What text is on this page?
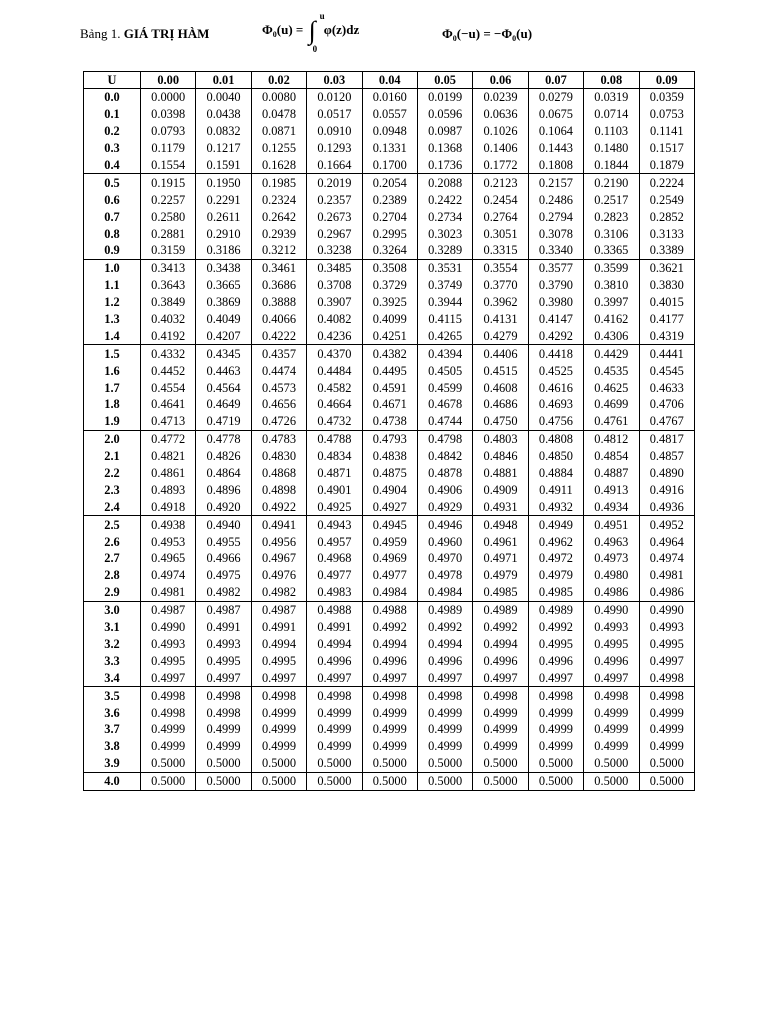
Bảng 1. GIÁ TRỊ HÀM	$\Phi_0(u)$ = ∫ u
0
φ(z)dz	$\Phi_0(-u) = -\Phi_0(u)$
U	0.00	0.01	0.02	0.03	0.04	0.05	0.06	0.07	0.08	0.09
0.0	0.0000	0.0040	0.0080	0.0120	0.0160	0.0199	0.0239	0.0279	0.0319	0.0359
0.1	0.0398	0.0438	0.0478	0.0517	0.0557	0.0596	0.0636	0.0675	0.0714	0.0753
0.2	0.0793	0.0832	0.0871	0.0910	0.0948	0.0987	0.1026	0.1064	0.1103	0.1141
0.3	0.1179	0.1217	0.1255	0.1293	0.1331	0.1368	0.1406	0.1443	0.1480	0.1517
0.4	0.1554	0.1591	0.1628	0.1664	0.1700	0.1736	0.1772	0.1808	0.1844	0.1879
0.5	0.1915	0.1950	0.1985	0.2019	0.2054	0.2088	0.2123	0.2157	0.2190	0.2224
0.6	0.2257	0.2291	0.2324	0.2357	0.2389	0.2422	0.2454	0.2486	0.2517	0.2549
0.7	0.2580	0.2611	0.2642	0.2673	0.2704	0.2734	0.2764	0.2794	0.2823	0.2852
0.8	0.2881	0.2910	0.2939	0.2967	0.2995	0.3023	0.3051	0.3078	0.3106	0.3133
0.9	0.3159	0.3186	0.3212	0.3238	0.3264	0.3289	0.3315	0.3340	0.3365	0.3389
1.0	0.3413	0.3438	0.3461	0.3485	0.3508	0.3531	0.3554	0.3577	0.3599	0.3621
1.1	0.3643	0.3665	0.3686	0.3708	0.3729	0.3749	0.3770	0.3790	0.3810	0.3830
1.2	0.3849	0.3869	0.3888	0.3907	0.3925	0.3944	0.3962	0.3980	0.3997	0.4015
1.3	0.4032	0.4049	0.4066	0.4082	0.4099	0.4115	0.4131	0.4147	0.4162	0.4177
1.4	0.4192	0.4207	0.4222	0.4236	0.4251	0.4265	0.4279	0.4292	0.4306	0.4319
1.5	0.4332	0.4345	0.4357	0.4370	0.4382	0.4394	0.4406	0.4418	0.4429	0.4441
1.6	0.4452	0.4463	0.4474	0.4484	0.4495	0.4505	0.4515	0.4525	0.4535	0.4545
1.7	0.4554	0.4564	0.4573	0.4582	0.4591	0.4599	0.4608	0.4616	0.4625	0.4633
1.8	0.4641	0.4649	0.4656	0.4664	0.4671	0.4678	0.4686	0.4693	0.4699	0.4706
1.9	0.4713	0.4719	0.4726	0.4732	0.4738	0.4744	0.4750	0.4756	0.4761	0.4767
2.0	0.4772	0.4778	0.4783	0.4788	0.4793	0.4798	0.4803	0.4808	0.4812	0.4817
2.1	0.4821	0.4826	0.4830	0.4834	0.4838	0.4842	0.4846	0.4850	0.4854	0.4857
2.2	0.4861	0.4864	0.4868	0.4871	0.4875	0.4878	0.4881	0.4884	0.4887	0.4890
2.3	0.4893	0.4896	0.4898	0.4901	0.4904	0.4906	0.4909	0.4911	0.4913	0.4916
2.4	0.4918	0.4920	0.4922	0.4925	0.4927	0.4929	0.4931	0.4932	0.4934	0.4936
2.5	0.4938	0.4940	0.4941	0.4943	0.4945	0.4946	0.4948	0.4949	0.4951	0.4952
2.6	0.4953	0.4955	0.4956	0.4957	0.4959	0.4960	0.4961	0.4962	0.4963	0.4964
2.7	0.4965	0.4966	0.4967	0.4968	0.4969	0.4970	0.4971	0.4972	0.4973	0.4974
2.8	0.4974	0.4975	0.4976	0.4977	0.4977	0.4978	0.4979	0.4979	0.4980	0.4981
2.9	0.4981	0.4982	0.4982	0.4983	0.4984	0.4984	0.4985	0.4985	0.4986	0.4986
3.0	0.4987	0.4987	0.4987	0.4988	0.4988	0.4989	0.4989	0.4989	0.4990	0.4990
3.1	0.4990	0.4991	0.4991	0.4991	0.4992	0.4992	0.4992	0.4992	0.4993	0.4993
3.2	0.4993	0.4993	0.4994	0.4994	0.4994	0.4994	0.4994	0.4995	0.4995	0.4995
3.3	0.4995	0.4995	0.4995	0.4996	0.4996	0.4996	0.4996	0.4996	0.4996	0.4997
3.4	0.4997	0.4997	0.4997	0.4997	0.4997	0.4997	0.4997	0.4997	0.4997	0.4998
3.5	0.4998	0.4998	0.4998	0.4998	0.4998	0.4998	0.4998	0.4998	0.4998	0.4998
3.6	0.4998	0.4998	0.4999	0.4999	0.4999	0.4999	0.4999	0.4999	0.4999	0.4999
3.7	0.4999	0.4999	0.4999	0.4999	0.4999	0.4999	0.4999	0.4999	0.4999	0.4999
3.8	0.4999	0.4999	0.4999	0.4999	0.4999	0.4999	0.4999	0.4999	0.4999	0.4999
3.9	0.5000	0.5000	0.5000	0.5000	0.5000	0.5000	0.5000	0.5000	0.5000	0.5000
4.0	0.5000	0.5000	0.5000	0.5000	0.5000	0.5000	0.5000	0.5000	0.5000	0.5000
